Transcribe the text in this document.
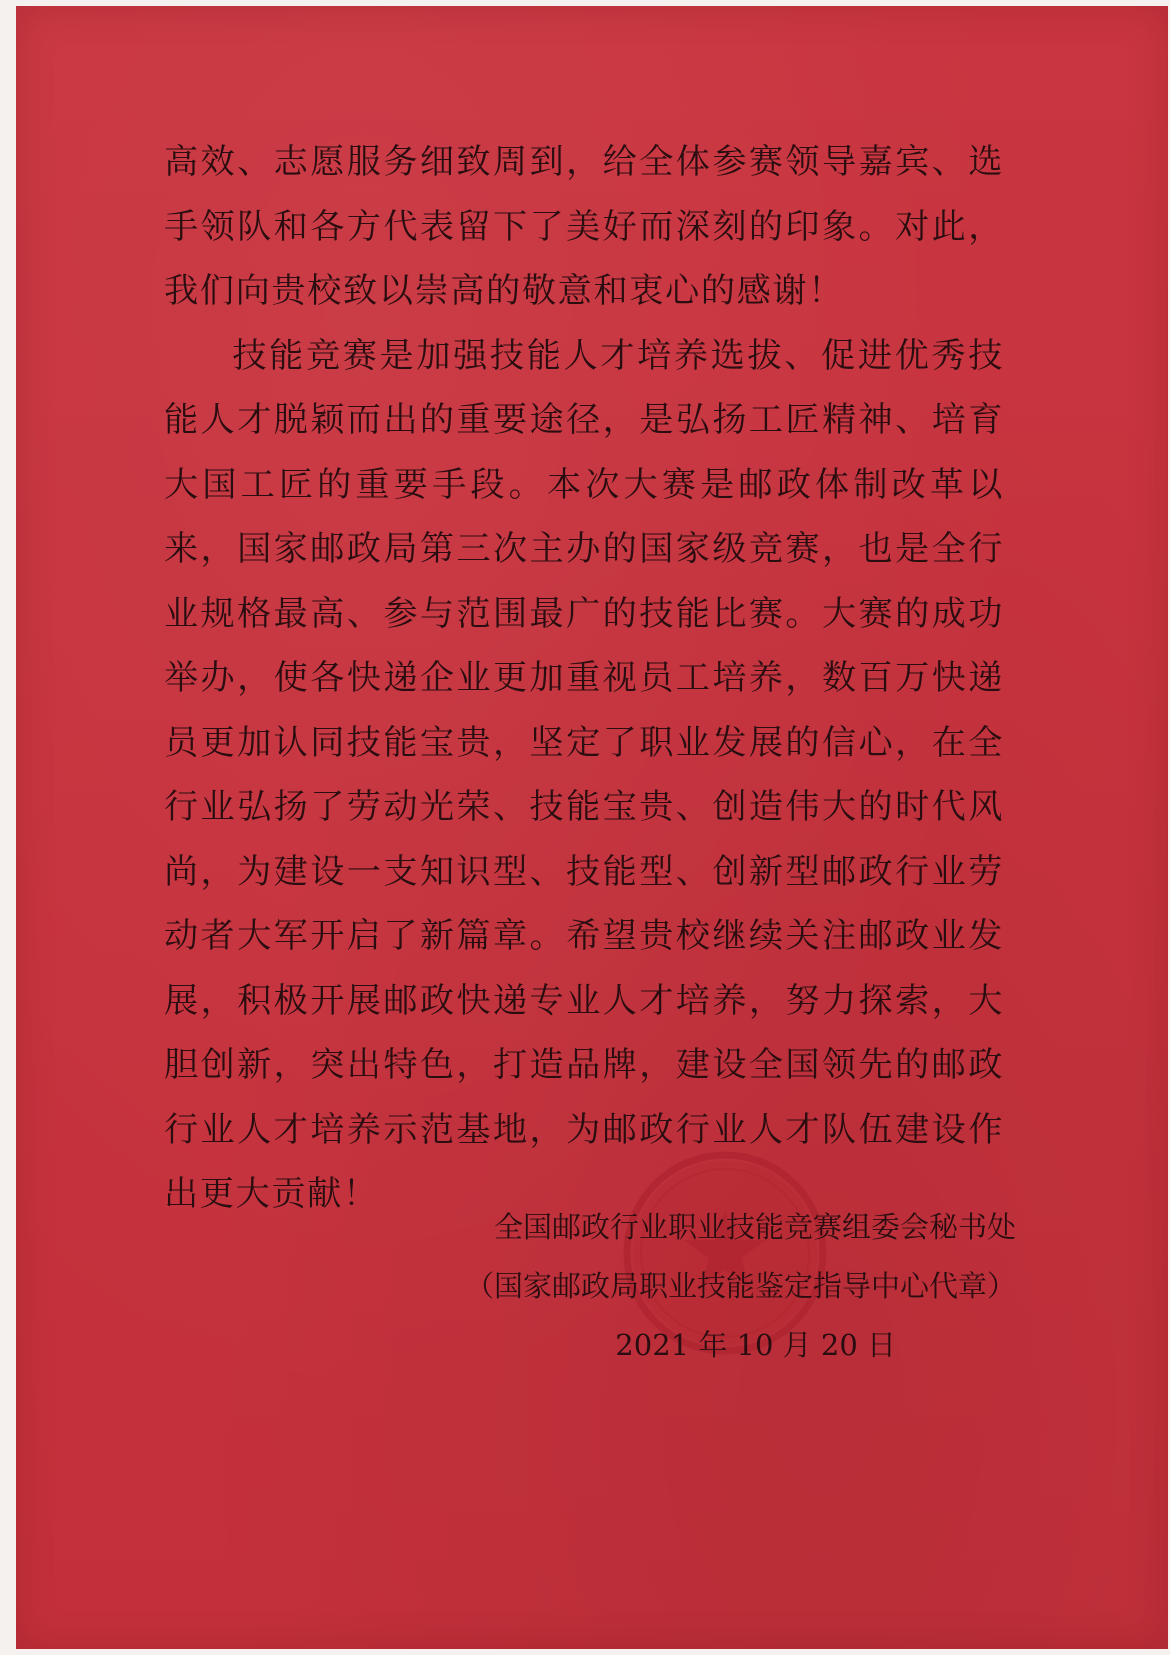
高效、志愿服务细致周到，给全体参赛领导嘉宾、选手领队和各方代表留下了美好而深刻的印象。对此，我们向贵校致以崇高的敬意和衷心的感谢！

技能竞赛是加强技能人才培养选拔、促进优秀技能人才脱颖而出的重要途径，是弘扬工匠精神、培育大国工匠的重要手段。本次大赛是邮政体制改革以来，国家邮政局第三次主办的国家级竞赛，也是全行业规格最高、参与范围最广的技能比赛。大赛的成功举办，使各快递企业更加重视员工培养，数百万快递员更加认同技能宝贵，坚定了职业发展的信心，在全行业弘扬了劳动光荣、技能宝贵、创造伟大的时代风尚，为建设一支知识型、技能型、创新型邮政行业劳动者大军开启了新篇章。希望贵校继续关注邮政业发展，积极开展邮政快递专业人才培养，努力探索，大胆创新，突出特色，打造品牌，建设全国领先的邮政行业人才培养示范基地，为邮政行业人才队伍建设作出更大贡献！

全国邮政行业职业技能竞赛组委会秘书处
（国家邮政局职业技能鉴定指导中心代章）
2021 年 10 月 20 日
